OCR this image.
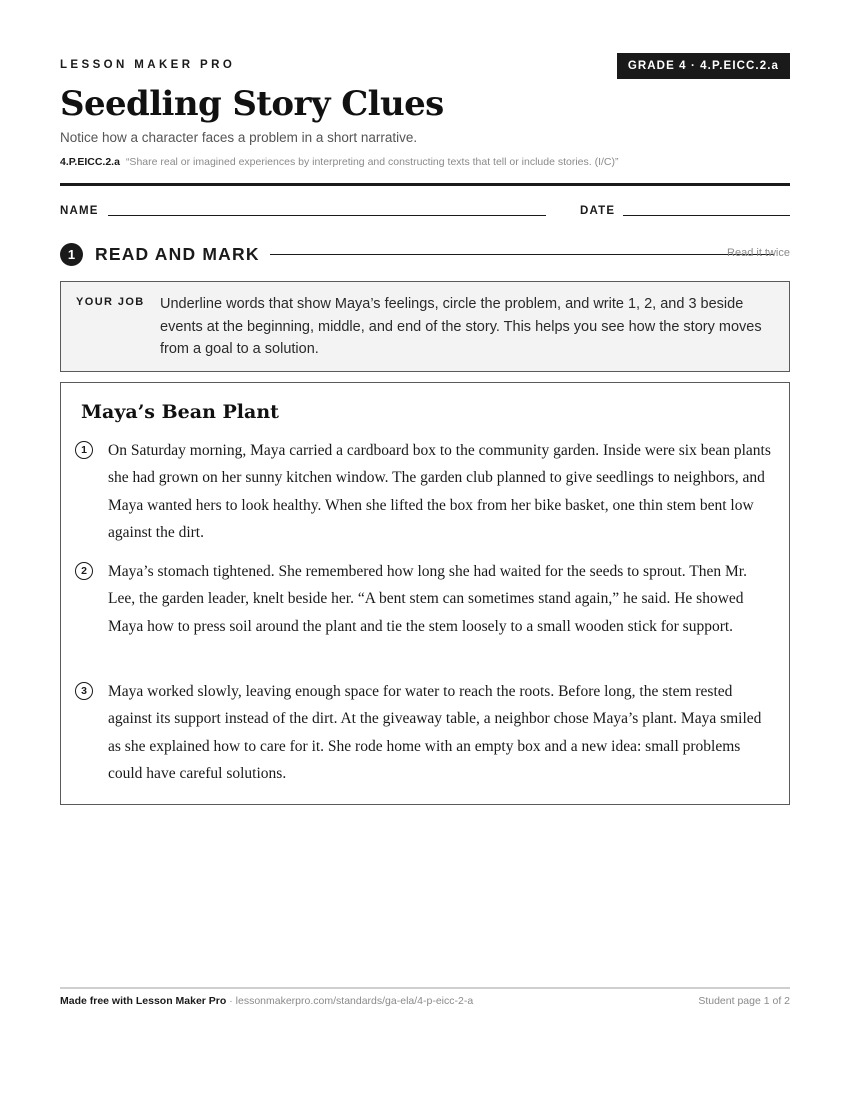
LESSON MAKER PRO	GRADE 4 · 4.P.EICC.2.a
Seedling Story Clues
Notice how a character faces a problem in a short narrative.
4.P.EICC.2.a “Share real or imagined experiences by interpreting and constructing texts that tell or include stories. (I/C)”
NAME	DATE
1	READ AND MARK	Read it twice
YOUR JOB Underline words that show Maya’s feelings, circle the problem, and write 1, 2, and 3 beside events at the beginning, middle, and end of the story. This helps you see how the story moves from a goal to a solution.
Maya’s Bean Plant
1	On Saturday morning, Maya carried a cardboard box to the community garden. Inside were six bean plants she had grown on her sunny kitchen window. The garden club planned to give seedlings to neighbors, and Maya wanted hers to look healthy. When she lifted the box from her bike basket, one thin stem bent low against the dirt.
2	Maya’s stomach tightened. She remembered how long she had waited for the seeds to sprout. Then Mr. Lee, the garden leader, knelt beside her. “A bent stem can sometimes stand again,” he said. He showed Maya how to press soil around the plant and tie the stem loosely to a small wooden stick for support.
3	Maya worked slowly, leaving enough space for water to reach the roots. Before long, the stem rested against its support instead of the dirt. At the giveaway table, a neighbor chose Maya’s plant. Maya smiled as she explained how to care for it. She rode home with an empty box and a new idea: small problems could have careful solutions.
Made free with Lesson Maker Pro · lessonmakerpro.com/standards/ga-ela/4-p-eicc-2-a	Student page 1 of 2
